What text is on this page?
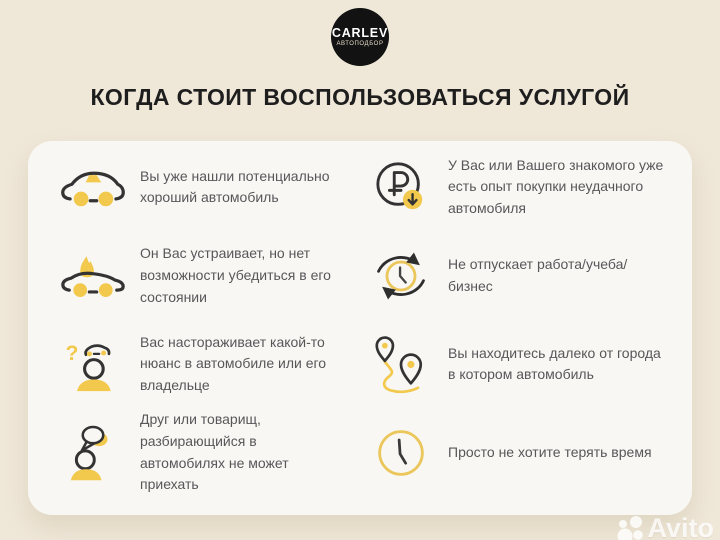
CARLEV
АВТОПОДБОР
КОГДА СТОИТ ВОСПОЛЬЗОВАТЬСЯ УСЛУГОЙ

Вы уже нашли потенциально хороший автомобиль

Он Вас устраивает, но нет возможности убедиться в его состоянии

?	Вас настораживает какой-то нюанс в автомобиле или его владельце

Друг или товарищ, разбирающийся в автомобилях не может приехать

У Вас или Вашего знакомого уже есть опыт покупки неудачного автомобиля

Не отпускает работа/учеба/бизнес

Вы находитесь далеко от города в котором автомобиль

Просто не хотите терять время

Avito
